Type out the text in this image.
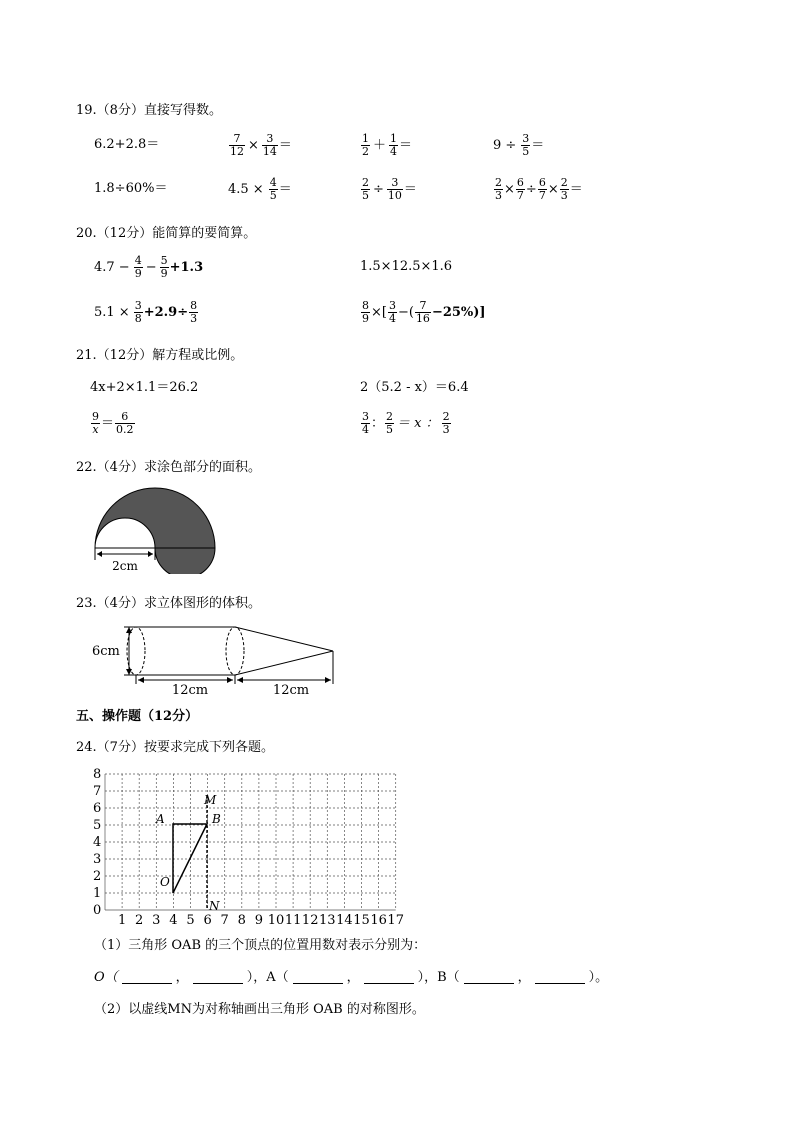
19.（8分）直接写得数。
6.2+2.8＝	$\frac{7}{12} \times \frac{3}{14}$ ＝	$\frac{1}{2} + \frac{1}{4}$ ＝	$9 \div \frac{3}{5}$ ＝
1.8÷60%＝	$4.5 \times \frac{4}{5}$ ＝	$\frac{2}{5} \div \frac{3}{10}$ ＝	$\frac{2}{3} \times \frac{6}{7} \div \frac{6}{7} \times \frac{2}{3}$ ＝
20.（12分）能简算的要简算。
$4.7 - \frac{4}{9} - \frac{5}{9} +1.3$	1.5×12.5×1.6
$5.1 \times \frac{3}{8} +2.9\div \frac{8}{3}$	$\frac{8}{9}$ ×[ $\frac{3}{4}$ −( $\frac{7}{16} -25\%$)]
21.（12分）解方程或比例。
4x+2×1.1＝26.2	2（5.2 - x）＝6.4
$\frac{9}{x} = \frac{6}{0.2}$	$\frac{3}{4}$ ： $\frac{2}{5} = x$ ： $\frac{2}{3}$
22.（4分）求涂色部分的面积。
2cm
23.（4分）求立体图形的体积。
6cm
12cm	12cm
五、操作题（12分）
24.（7分）按要求完成下列各题。
8
7
6
5
4
3
2
1
0
1 2 3 4 5 6 7 8 9 10 11 12 13 14 15 16 17
M
A	B
O
N
（1）三角形 OAB 的三个顶点的位置用数对表示分别为：
O（	，	），A（	，	），B（	，	）。
（2）以虚线MN为对称轴画出三角形 OAB 的对称图形。
